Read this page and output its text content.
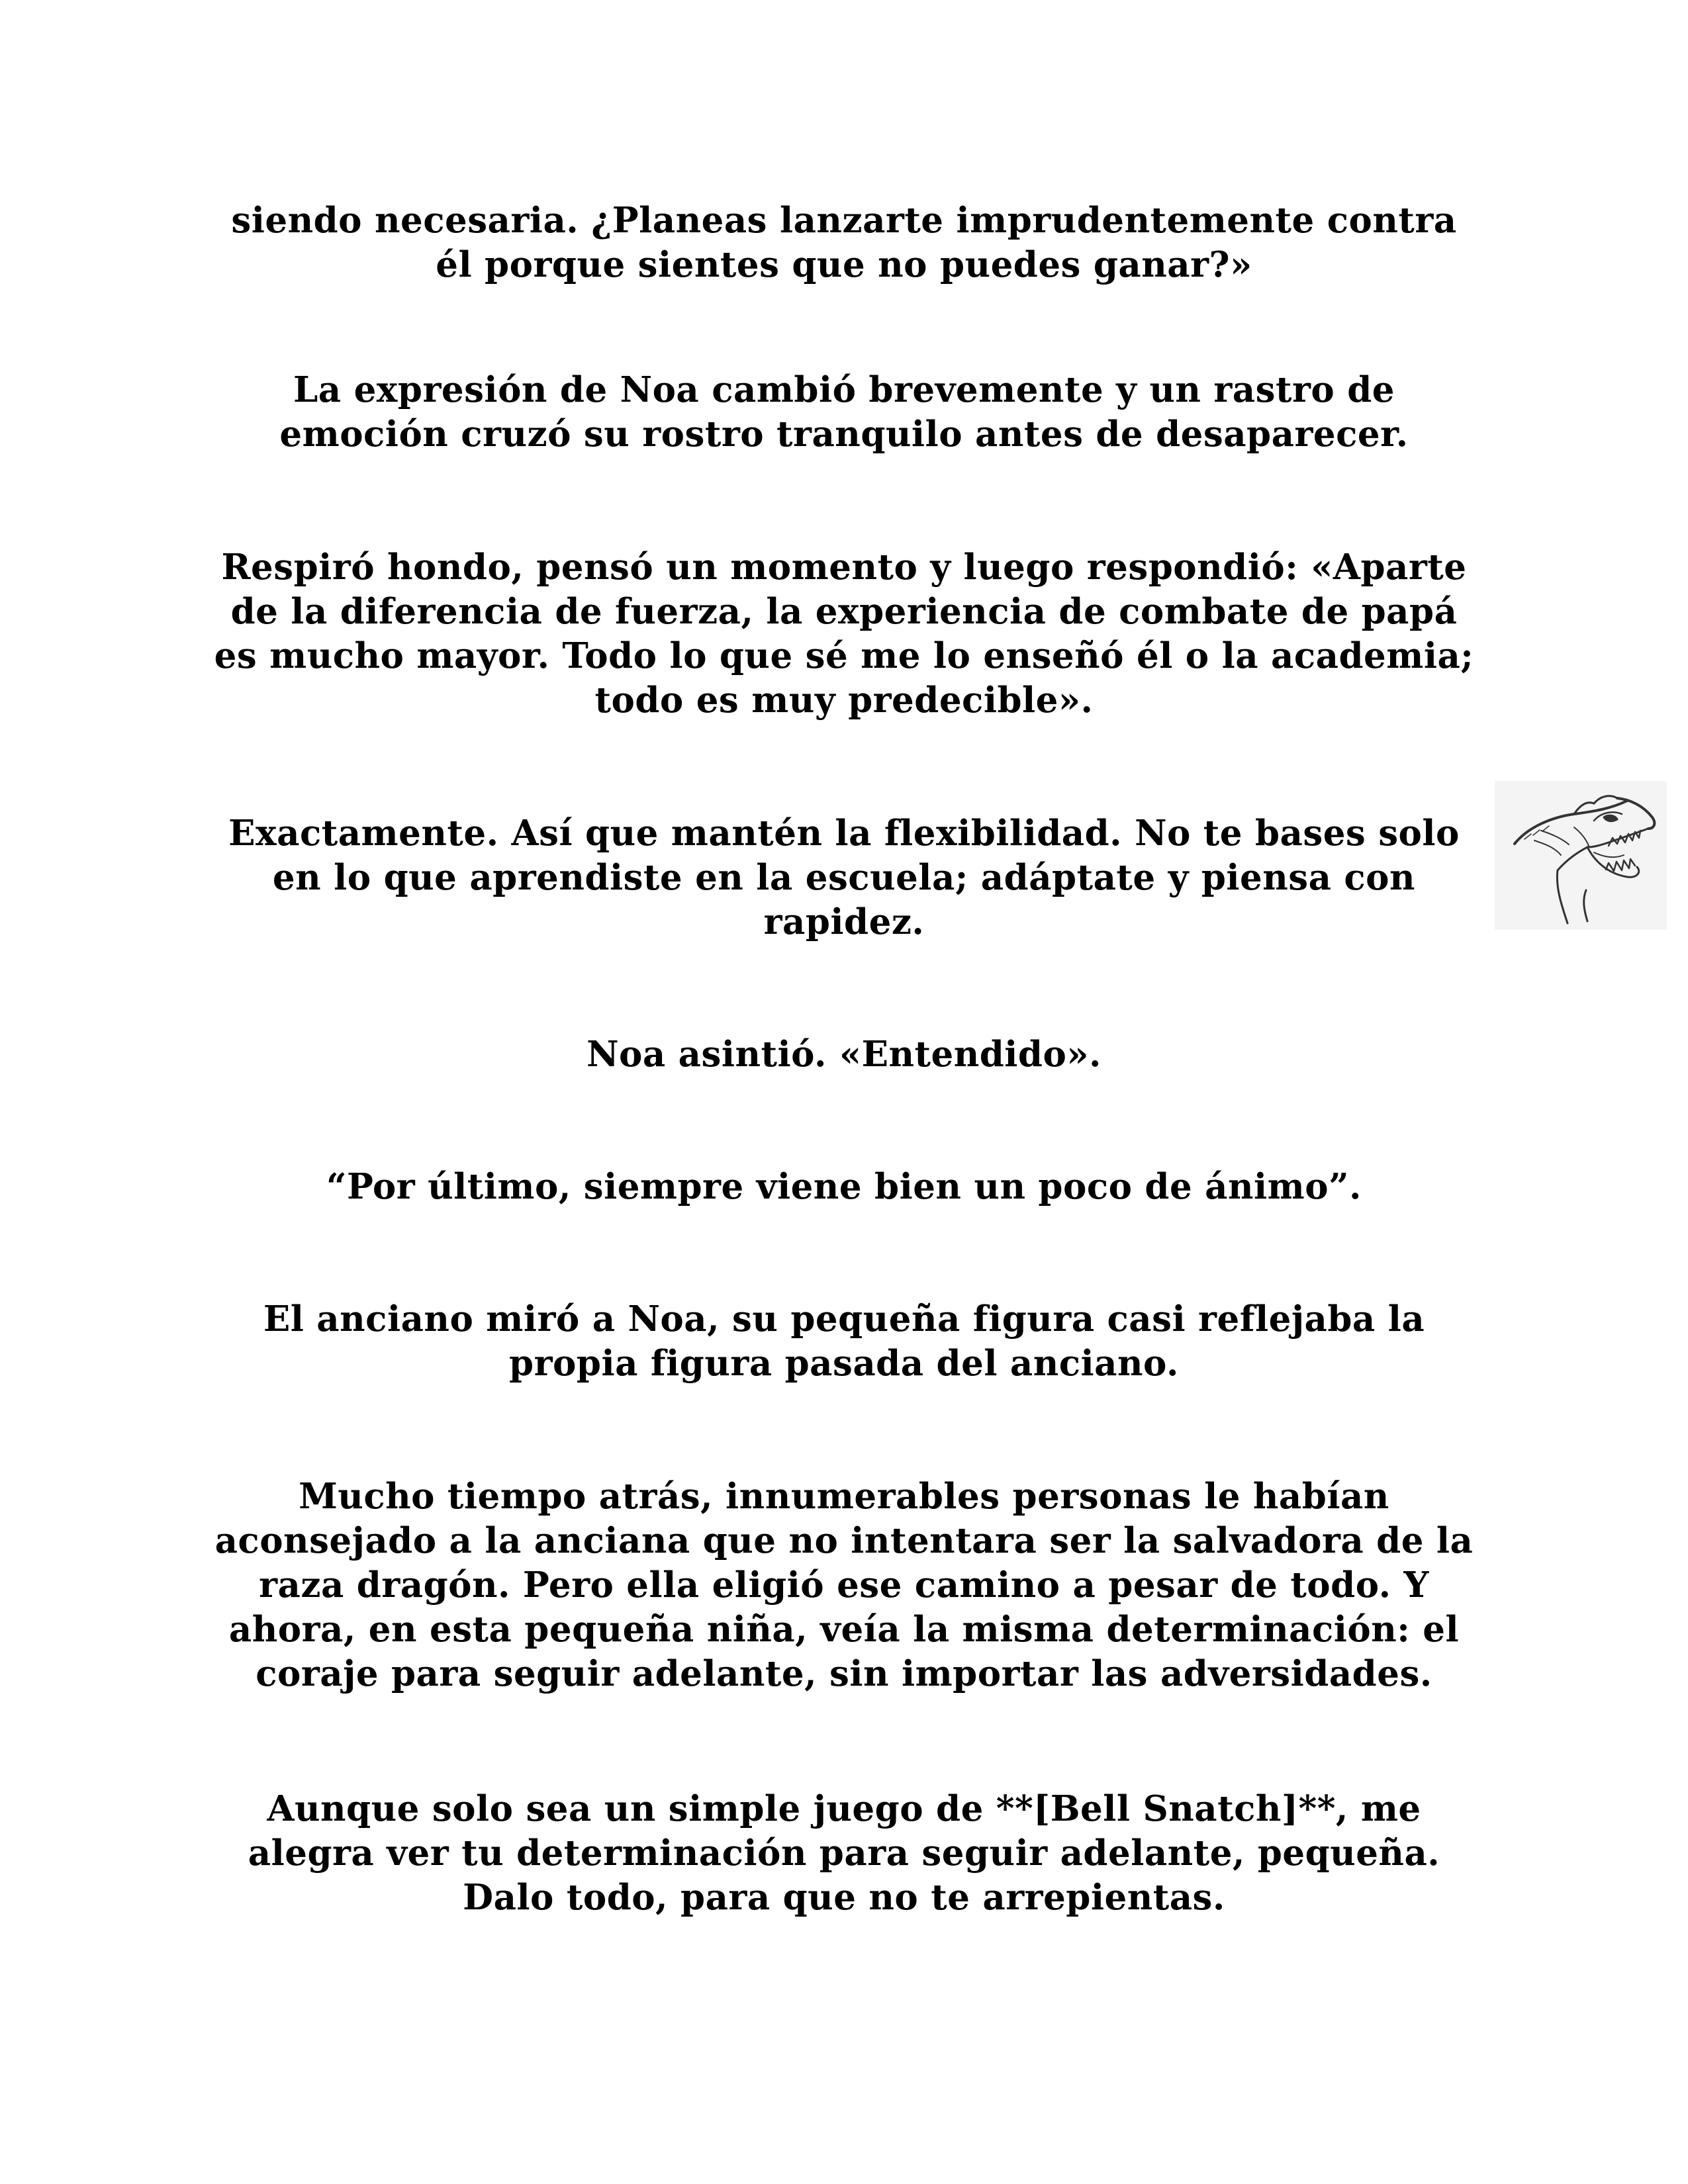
siendo necesaria. ¿Planeas lanzarte imprudentemente contra
él porque sientes que no puedes ganar?»

La expresión de Noa cambió brevemente y un rastro de
emoción cruzó su rostro tranquilo antes de desaparecer.

Respiró hondo, pensó un momento y luego respondió: «Aparte
de la diferencia de fuerza, la experiencia de combate de papá
es mucho mayor. Todo lo que sé me lo enseñó él o la academia;
todo es muy predecible».

Exactamente. Así que mantén la flexibilidad. No te bases solo
en lo que aprendiste en la escuela; adáptate y piensa con
rapidez.

Noa asintió. «Entendido».

“Por último, siempre viene bien un poco de ánimo”.

El anciano miró a Noa, su pequeña figura casi reflejaba la
propia figura pasada del anciano.

Mucho tiempo atrás, innumerables personas le habían
aconsejado a la anciana que no intentara ser la salvadora de la
raza dragón. Pero ella eligió ese camino a pesar de todo. Y
ahora, en esta pequeña niña, veía la misma determinación: el
coraje para seguir adelante, sin importar las adversidades.

Aunque solo sea un simple juego de **[Bell Snatch]**, me
alegra ver tu determinación para seguir adelante, pequeña.
Dalo todo, para que no te arrepientas.
